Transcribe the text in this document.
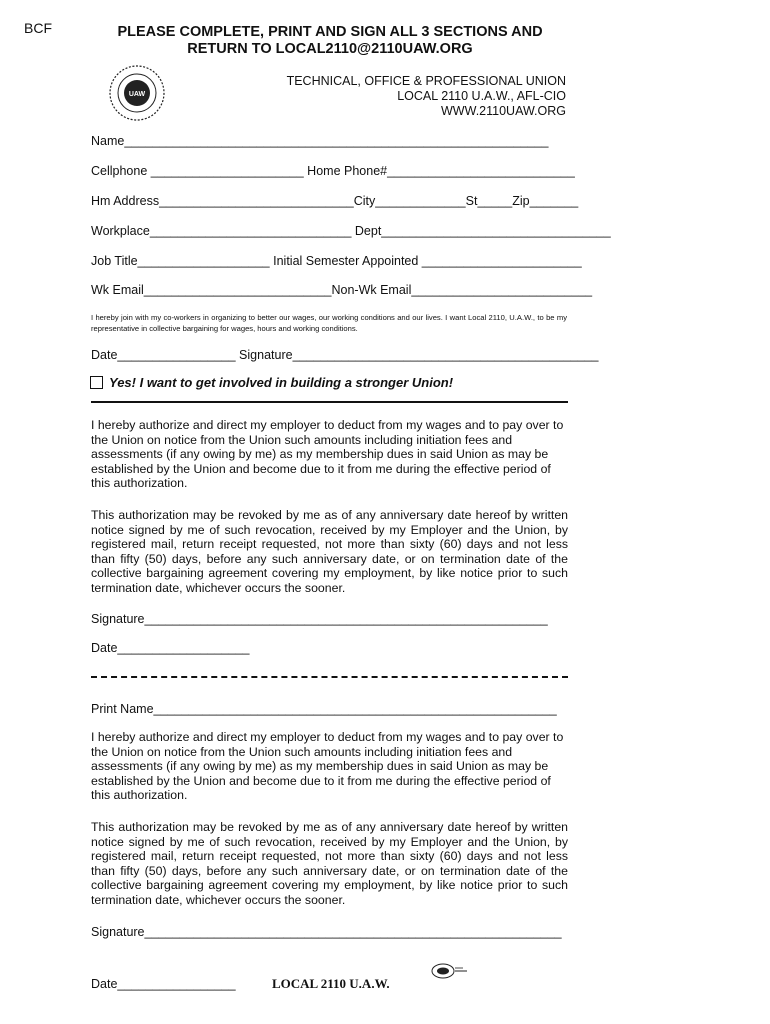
BCF	PLEASE COMPLETE, PRINT AND SIGN ALL 3 SECTIONS AND RETURN TO LOCAL2110@2110UAW.ORG
UAW
TECHNICAL, OFFICE & PROFESSIONAL UNION
LOCAL 2110 U.A.W., AFL-CIO
WWW.2110UAW.ORG
Name_____________________________________________________________
Cellphone ______________________ Home Phone#___________________________
Hm Address____________________________City_____________St_____Zip_______
Workplace_____________________________ Dept_________________________________
Job Title___________________ Initial Semester Appointed _______________________
Wk Email___________________________Non-Wk Email__________________________
I hereby join with my co-workers in organizing to better our wages, our working conditions and our lives. I want Local 2110, U.A.W., to be my representative in collective bargaining for wages, hours and working conditions.
Date_________________ Signature____________________________________________
Yes! I want to get involved in building a stronger Union!
I hereby authorize and direct my employer to deduct from my wages and to pay over to the Union on notice from the Union such amounts including initiation fees and assessments (if any owing by me) as my membership dues in said Union as may be established by the Union and become due to it from me during the effective period of this authorization.
This authorization may be revoked by me as of any anniversary date hereof by written notice signed by me of such revocation, received by my Employer and the Union, by registered mail, return receipt requested, not more than sixty (60) days and not less than fifty (50) days, before any such anniversary date, or on termination date of the collective bargaining agreement covering my employment, by like notice prior to such termination date, whichever occurs the sooner.
Signature__________________________________________________________
Date___________________
Print Name__________________________________________________________
I hereby authorize and direct my employer to deduct from my wages and to pay over to the Union on notice from the Union such amounts including initiation fees and assessments (if any owing by me) as my membership dues in said Union as may be established by the Union and become due to it from me during the effective period of this authorization.
This authorization may be revoked by me as of any anniversary date hereof by written notice signed by me of such revocation, received by my Employer and the Union, by registered mail, return receipt requested, not more than sixty (60) days and not less than fifty (50) days, before any such anniversary date, or on termination date of the collective bargaining agreement covering my employment, by like notice prior to such termination date, whichever occurs the sooner.
Signature____________________________________________________________
Date_________________	LOCAL 2110 U.A.W.
